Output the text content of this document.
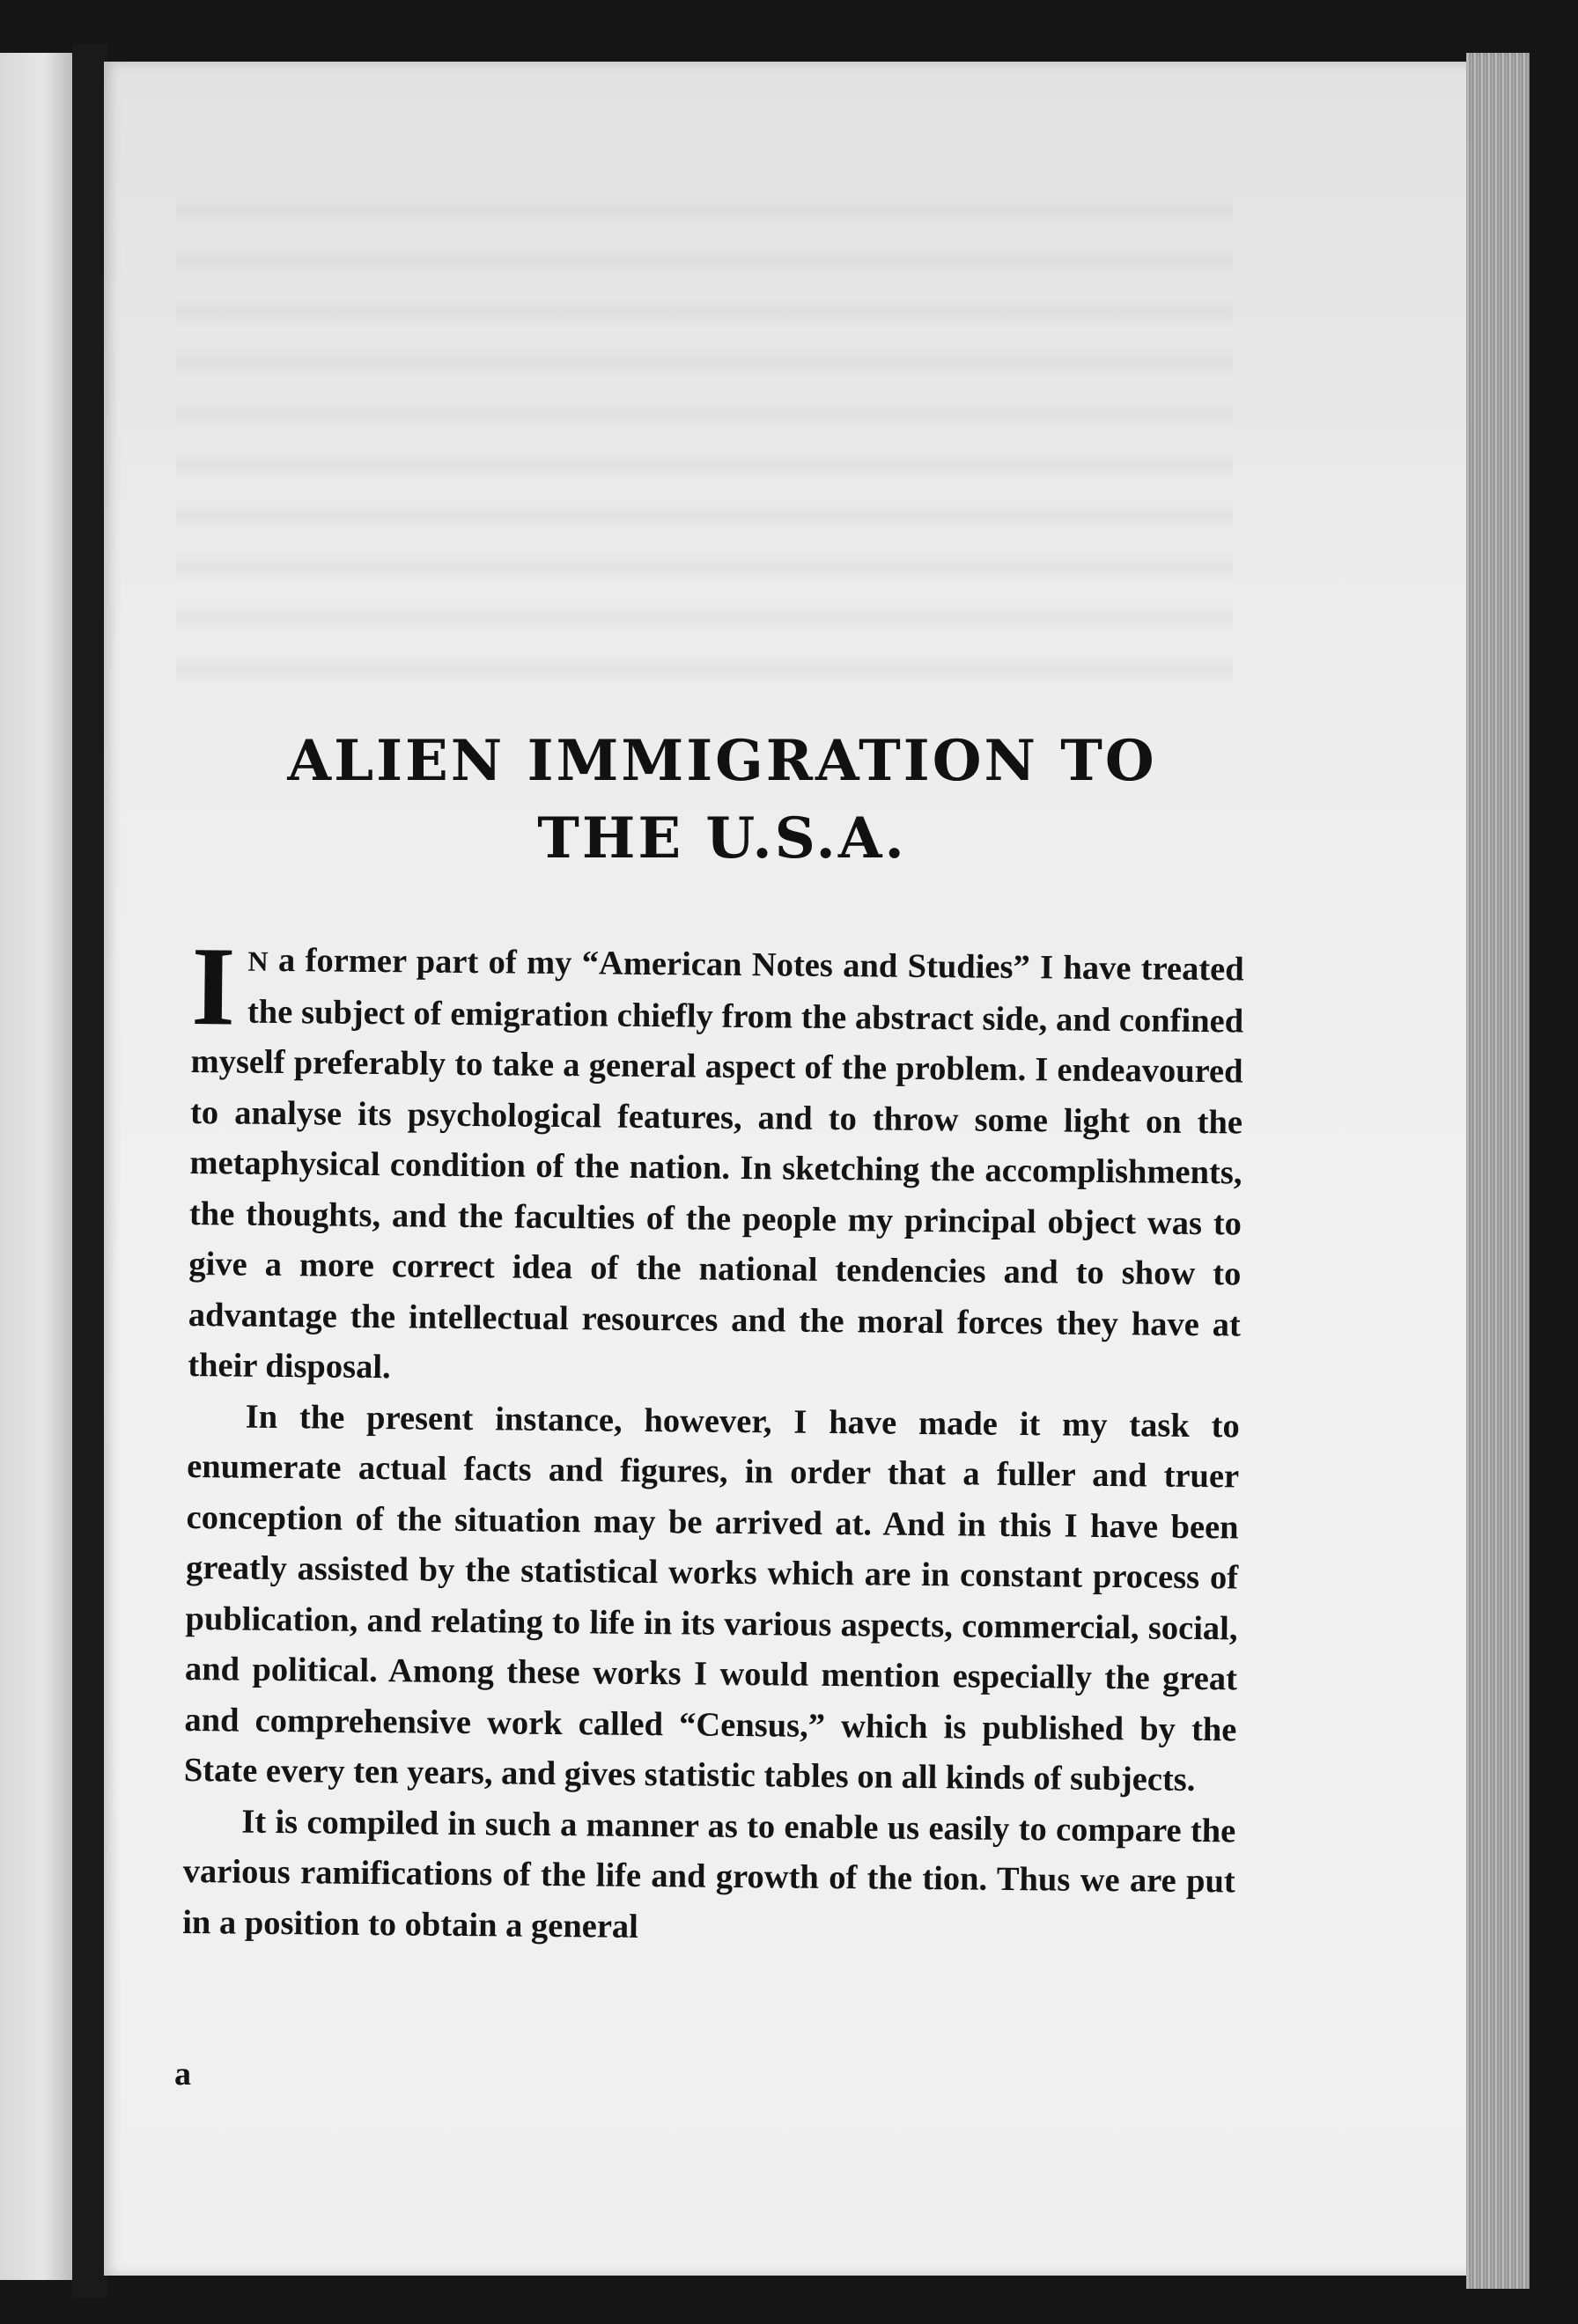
ALIEN IMMIGRATION TO
THE U.S.A.

I N a former part of my “American Notes and Studies” I have treated the subject of emigration chiefly from the abstract side, and confined myself preferably to take a general aspect of the problem. I endeavoured to analyse its psychological features, and to throw some light on the metaphysical condition of the nation. In sketching the accomplishments, the thoughts, and the faculties of the people my principal object was to give a more correct idea of the national tendencies and to show to advantage the intellectual resources and the moral forces they have at their disposal.

In the present instance, however, I have made it my task to enumerate actual facts and figures, in order that a fuller and truer conception of the situation may be arrived at. And in this I have been greatly assisted by the statistical works which are in constant process of publication, and relating to life in its various aspects, commercial, social, and political. Among these works I would mention especially the great and comprehensive work called “Census,” which is published by the State every ten years, and gives statistic tables on all kinds of subjects.

It is compiled in such a manner as to enable us easily to compare the various ramifications of the life and growth of the tion. Thus we are put in a position to obtain a general

a
